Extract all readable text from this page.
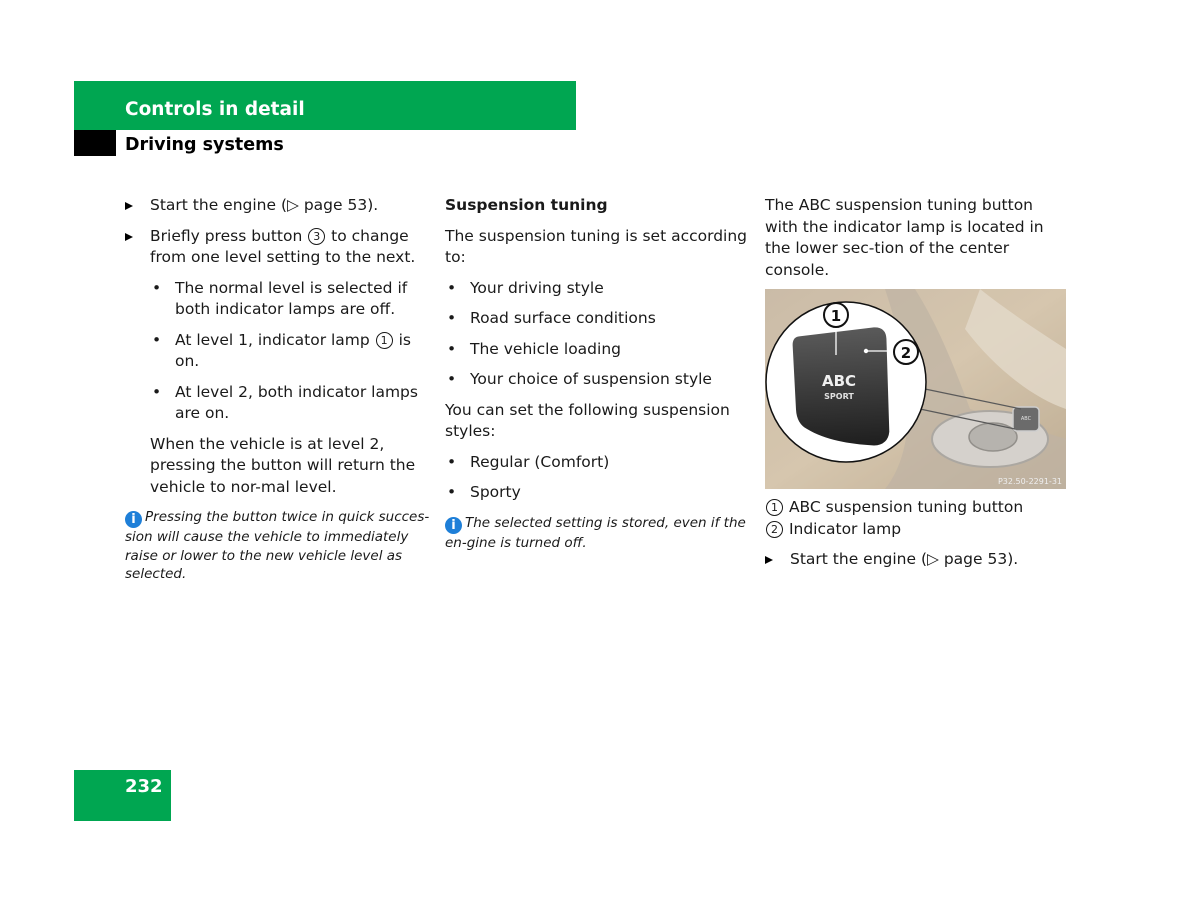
Controls in detail
Driving systems
Start the engine (▷ page 53).
Briefly press button 3 to change from one level setting to the next.
• The normal level is selected if both indicator lamps are off.
• At level 1, indicator lamp 1 is on.
• At level 2, both indicator lamps are on.
When the vehicle is at level 2, pressing the button will return the vehicle to nor-mal level.
i Pressing the button twice in quick succes-sion will cause the vehicle to immediately raise or lower to the new vehicle level as selected.
Suspension tuning
The suspension tuning is set according to:
• Your driving style
• Road surface conditions
• The vehicle loading
• Your choice of suspension style
You can set the following suspension styles:
• Regular (Comfort)
• Sporty
i The selected setting is stored, even if the en-gine is turned off.
The ABC suspension tuning button with the indicator lamp is located in the lower sec-tion of the center console.
ABC
ABC
SPORT
1
2
P32.50-2291-31
1 ABC suspension tuning button
2 Indicator lamp
Start the engine (▷ page 53).
232
